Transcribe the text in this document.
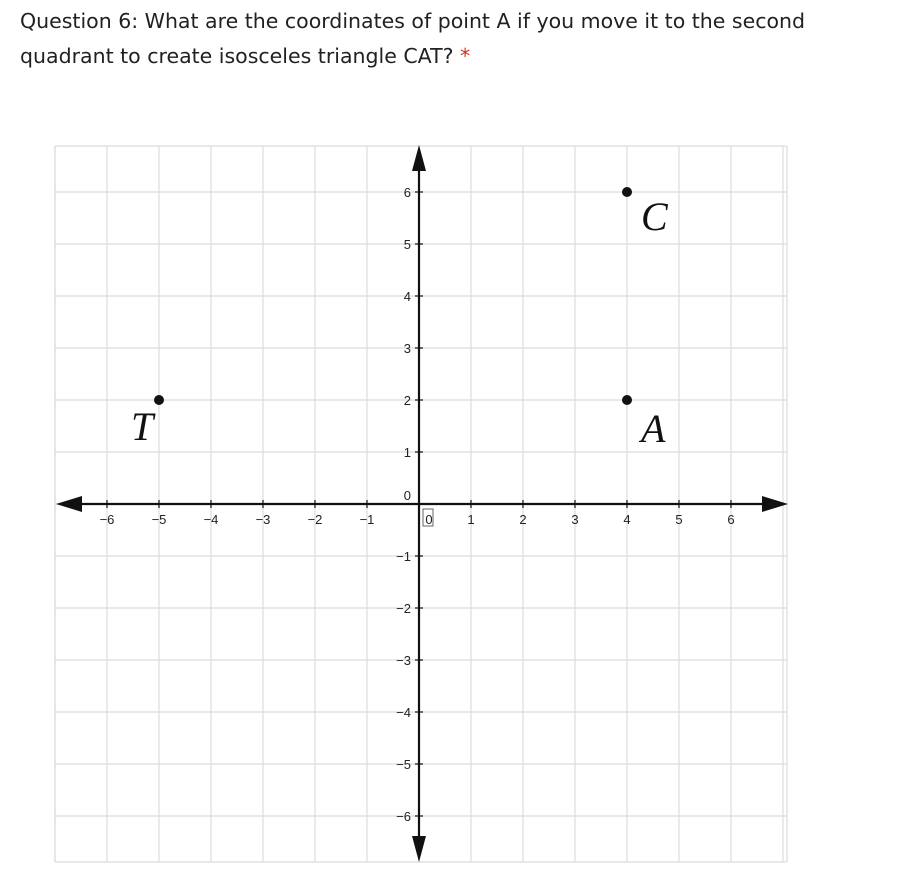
Question 6: What are the coordinates of point A if you move it to the second quadrant to create isosceles triangle CAT? *
−6	−5	−4	−3	−2	−1	0	1	2	3	4	5	6
6
5
4
3
2
1
0
−1
−2
−3
−4
−5
−6
C
A
T
